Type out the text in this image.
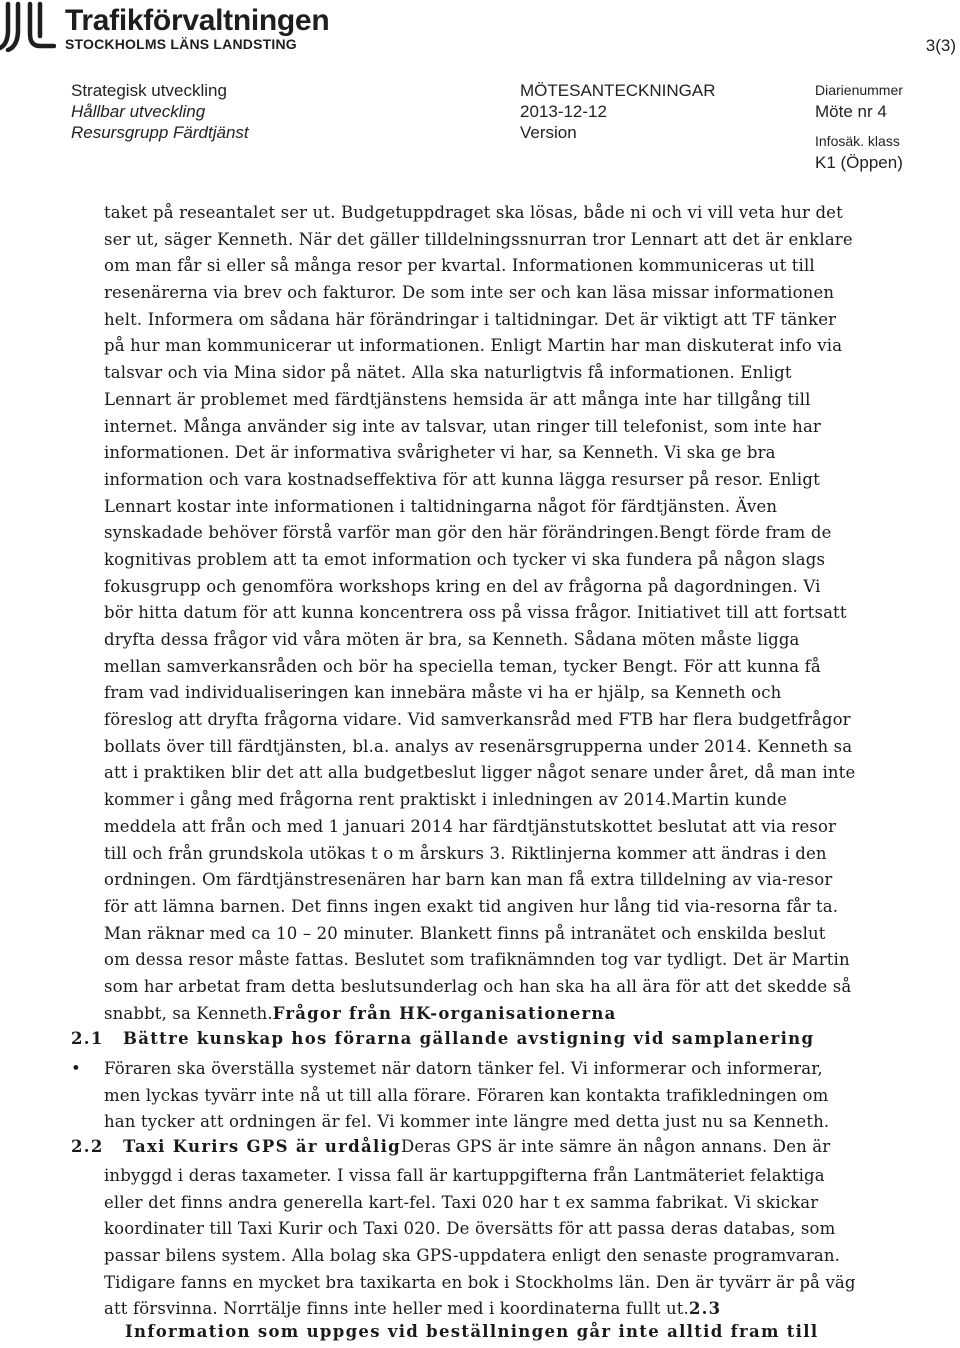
Trafikförvaltningen
STOCKHOLMS LÄNS LANDSTING	3(3)
Strategisk utveckling
Hållbar utveckling
Resursgrupp Färdtjänst
MÖTESANTECKNINGAR
2013-12-12
Version
Diarienummer
Möte nr 4
Infosäk. klass
K1 (Öppen)
taket på reseantalet ser ut. Budgetuppdraget ska lösas, både ni och vi vill veta hur det
ser ut, säger Kenneth. När det gäller tilldelningssnurran tror Lennart att det är enklare
om man får si eller så många resor per kvartal. Informationen kommuniceras ut till
resenärerna via brev och fakturor. De som inte ser och kan läsa missar informationen
helt. Informera om sådana här förändringar i taltidningar. Det är viktigt att TF tänker
på hur man kommunicerar ut informationen. Enligt Martin har man diskuterat info via
talsvar och via Mina sidor på nätet. Alla ska naturligtvis få informationen. Enligt
Lennart är problemet med färdtjänstens hemsida är att många inte har tillgång till
internet. Många använder sig inte av talsvar, utan ringer till telefonist, som inte har
informationen. Det är informativa svårigheter vi har, sa Kenneth. Vi ska ge bra
information och vara kostnadseffektiva för att kunna lägga resurser på resor. Enligt
Lennart kostar inte informationen i taltidningarna något för färdtjänsten. Även
synskadade behöver förstå varför man gör den här förändringen.Bengt förde fram de
kognitivas problem att ta emot information och tycker vi ska fundera på någon slags
fokusgrupp och genomföra workshops kring en del av frågorna på dagordningen. Vi
bör hitta datum för att kunna koncentrera oss på vissa frågor. Initiativet till att fortsatt
dryfta dessa frågor vid våra möten är bra, sa Kenneth. Sådana möten måste ligga
mellan samverkansråden och bör ha speciella teman, tycker Bengt. För att kunna få
fram vad individualiseringen kan innebära måste vi ha er hjälp, sa Kenneth och
föreslog att dryfta frågorna vidare. Vid samverkansråd med FTB har flera budgetfrågor
bollats över till färdtjänsten, bl.a. analys av resenärsgrupperna under 2014. Kenneth sa
att i praktiken blir det att alla budgetbeslut ligger något senare under året, då man inte
kommer i gång med frågorna rent praktiskt i inledningen av 2014.Martin kunde
meddela att från och med 1 januari 2014 har färdtjänstutskottet beslutat att via resor
till och från grundskola utökas t o m årskurs 3. Riktlinjerna kommer att ändras i den
ordningen. Om färdtjänstresenären har barn kan man få extra tilldelning av via-resor
för att lämna barnen. Det finns ingen exakt tid angiven hur lång tid via-resorna får ta.
Man räknar med ca 10 – 20 minuter. Blankett finns på intranätet och enskilda beslut
om dessa resor måste fattas. Beslutet som trafiknämnden tog var tydligt. Det är Martin
som har arbetat fram detta beslutsunderlag och han ska ha all ära för att det skedde så
snabbt, sa Kenneth.Frågor från HK-organisationerna
2.1 Bättre kunskap hos förarna gällande avstigning vid samplanering
• Föraren ska överställa systemet när datorn tänker fel. Vi informerar och informerar,
men lyckas tyvärr inte nå ut till alla förare. Föraren kan kontakta trafikledningen om
han tycker att ordningen är fel. Vi kommer inte längre med detta just nu sa Kenneth.
2.2 Taxi Kurirs GPS är urdåligDeras GPS är inte sämre än någon annans. Den är
inbyggd i deras taxameter. I vissa fall är kartuppgifterna från Lantmäteriet felaktiga
eller det finns andra generella kart-fel. Taxi 020 har t ex samma fabrikat. Vi skickar
koordinater till Taxi Kurir och Taxi 020. De översätts för att passa deras databas, som
passar bilens system. Alla bolag ska GPS-uppdatera enligt den senaste programvaran.
Tidigare fanns en mycket bra taxikarta en bok i Stockholms län. Den är tyvärr är på väg
att försvinna. Norrtälje finns inte heller med i koordinaterna fullt ut.2.3
Information som uppges vid beställningen går inte alltid fram till
